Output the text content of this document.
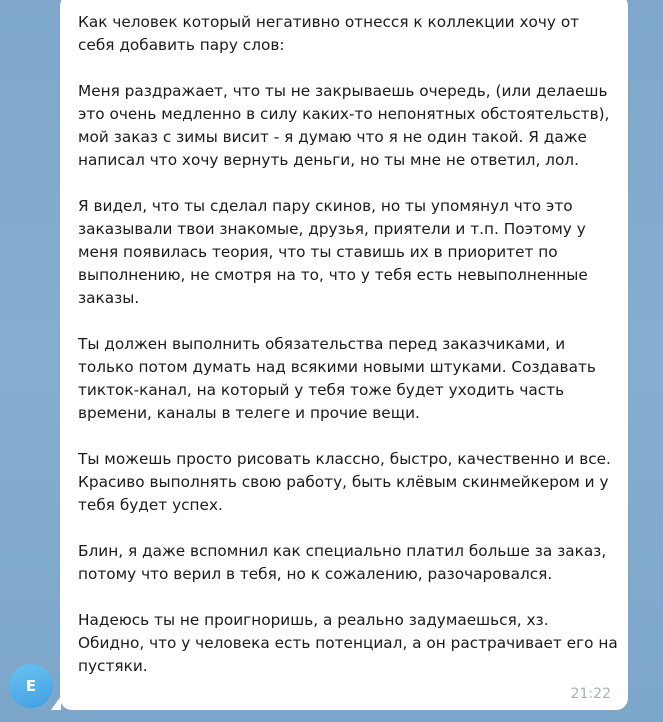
Как человек который негативно отнесся к коллекции хочу от себя добавить пару слов:

Меня раздражает, что ты не закрываешь очередь, (или делаешь это очень медленно в силу каких-то непонятных обстоятельств), мой заказ с зимы висит - я думаю что я не один такой. Я даже написал что хочу вернуть деньги, но ты мне не ответил, лол.

Я видел, что ты сделал пару скинов, но ты упомянул что это заказывали твои знакомые, друзья, приятели и т.п. Поэтому у меня появилась теория, что ты ставишь их в приоритет по выполнению, не смотря на то, что у тебя есть невыполненные заказы.

Ты должен выполнить обязательства перед заказчиками, и только потом думать над всякими новыми штуками. Создавать тикток-канал, на который у тебя тоже будет уходить часть времени, каналы в телеге и прочие вещи.

Ты можешь просто рисовать классно, быстро, качественно и все. Красиво выполнять свою работу, быть клёвым скинмейкером и у тебя будет успех.

Блин, я даже вспомнил как специально платил больше за заказ, потому что верил в тебя, но к сожалению, разочаровался.

Надеюсь ты не проигноришь, а реально задумаешься, хз. Обидно, что у человека есть потенциал, а он растрачивает его на пустяки.

21:22
E
